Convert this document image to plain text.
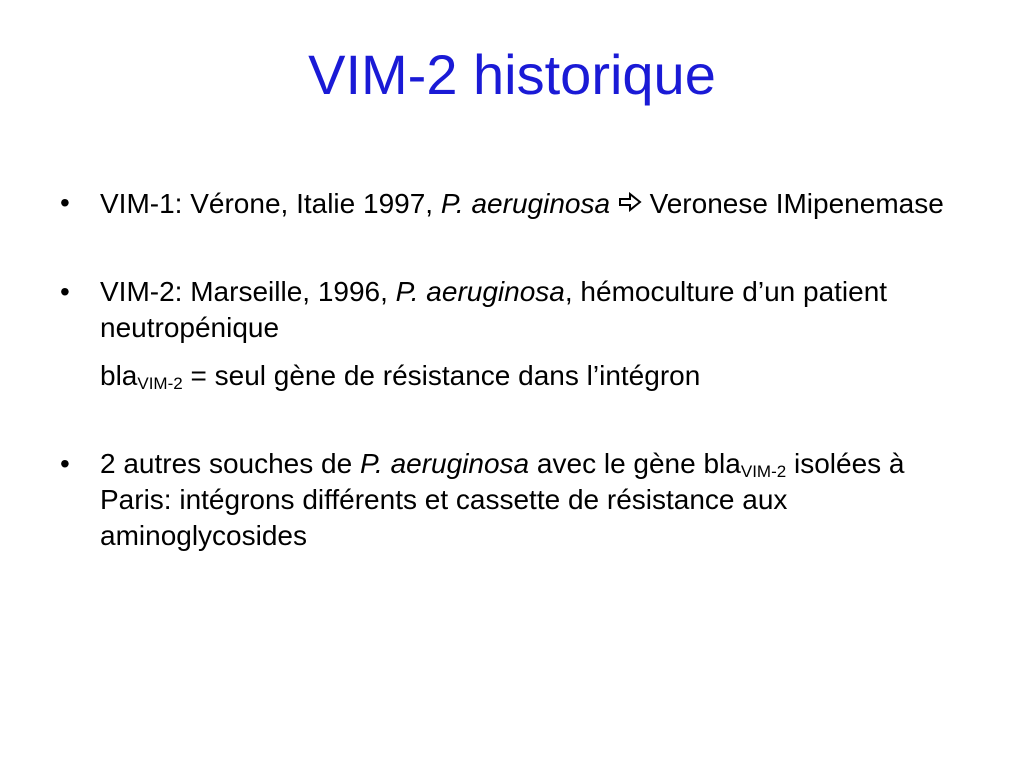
VIM-2 historique
•	VIM-1: Vérone, Italie 1997, P. aeruginosa  Veronese IMipenemase
•	VIM-2: Marseille, 1996, P. aeruginosa, hémoculture d’un patient neutropénique
bla$_{VIM-2}$ = seul gène de résistance dans l’intégron
•	2 autres souches de P. aeruginosa avec le gène bla$_{VIM-2}$ isolées à Paris: intégrons différents et cassette de résistance aux aminoglycosides
